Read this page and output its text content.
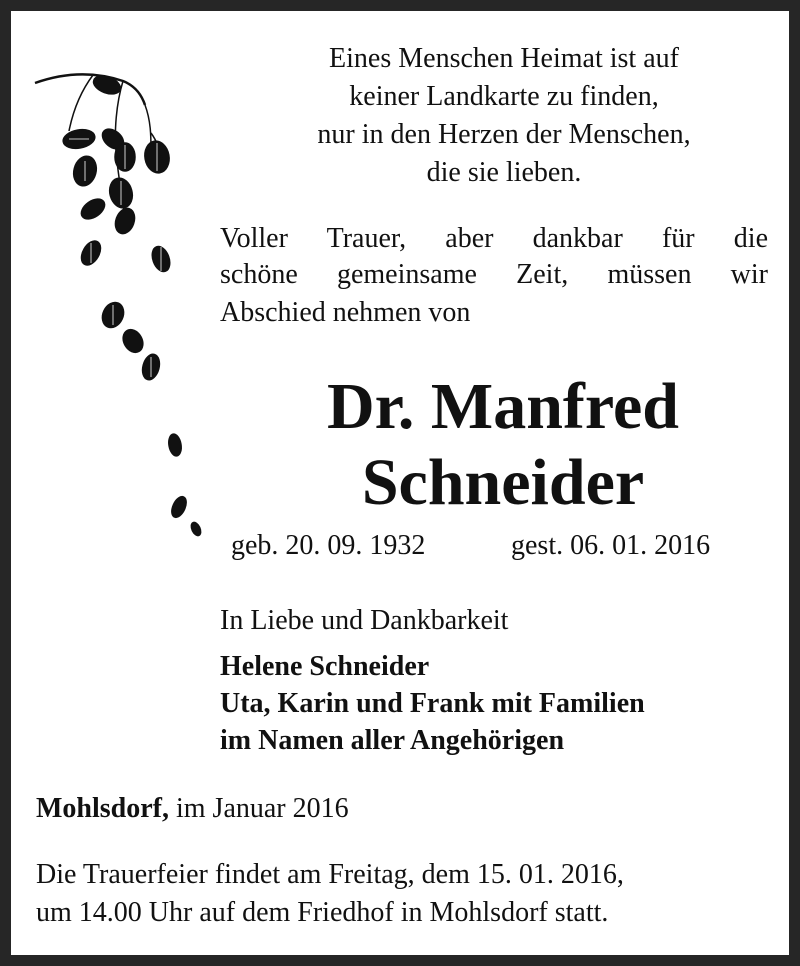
Eines Menschen Heimat ist auf

keiner Landkarte zu finden,

nur in den Herzen der Menschen,

die sie lieben.

Voller Trauer, aber dankbar für die

schöne gemeinsame Zeit, müssen wir

Abschied nehmen von

Dr. Manfred

Schneider

geb. 20. 09. 1932	gest. 06. 01. 2016

In Liebe und Dankbarkeit

Helene Schneider

Uta, Karin und Frank mit Familien

im Namen aller Angehörigen

Mohlsdorf, im Januar 2016

Die Trauerfeier findet am Freitag, dem 15. 01. 2016,

um 14.00 Uhr auf dem Friedhof in Mohlsdorf statt.
